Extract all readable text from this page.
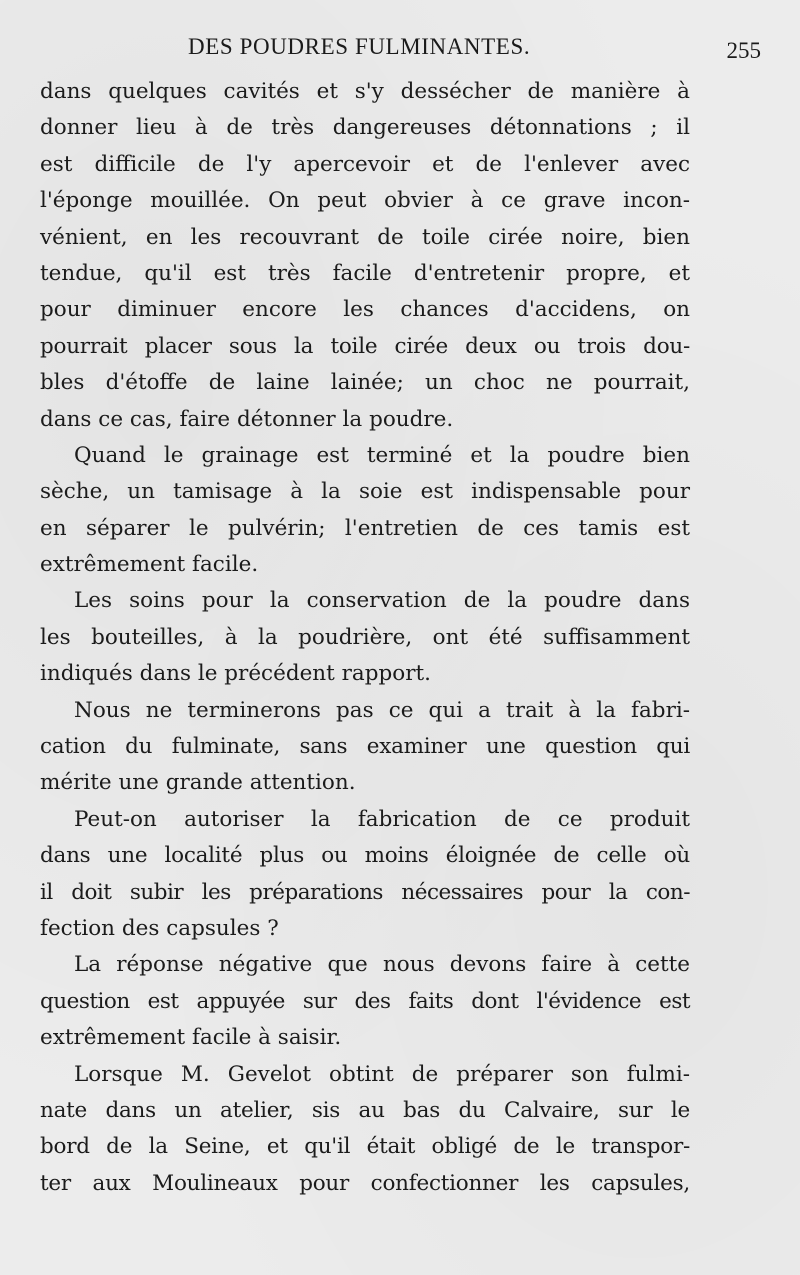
DES POUDRES FULMINANTES.	255
dans quelques cavités et s'y dessécher de manière à
donner lieu à de très dangereuses détonnations ; il
est difficile de l'y apercevoir et de l'enlever avec
l'éponge mouillée. On peut obvier à ce grave incon-
vénient, en les recouvrant de toile cirée noire, bien
tendue, qu'il est très facile d'entretenir propre, et
pour diminuer encore les chances d'accidens, on
pourrait placer sous la toile cirée deux ou trois dou-
bles d'étoffe de laine lainée; un choc ne pourrait,
dans ce cas, faire détonner la poudre.
Quand le grainage est terminé et la poudre bien
sèche, un tamisage à la soie est indispensable pour
en séparer le pulvérin; l'entretien de ces tamis est
extrêmement facile.
Les soins pour la conservation de la poudre dans
les bouteilles, à la poudrière, ont été suffisamment
indiqués dans le précédent rapport.
Nous ne terminerons pas ce qui a trait à la fabri-
cation du fulminate, sans examiner une question qui
mérite une grande attention.
Peut-on autoriser la fabrication de ce produit
dans une localité plus ou moins éloignée de celle où
il doit subir les préparations nécessaires pour la con-
fection des capsules ?
La réponse négative que nous devons faire à cette
question est appuyée sur des faits dont l'évidence est
extrêmement facile à saisir.
Lorsque M. Gevelot obtint de préparer son fulmi-
nate dans un atelier, sis au bas du Calvaire, sur le
bord de la Seine, et qu'il était obligé de le transpor-
ter aux Moulineaux pour confectionner les capsules,
